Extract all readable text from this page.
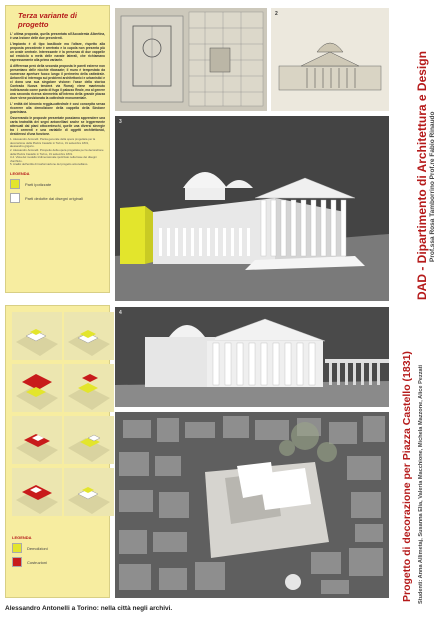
Terza variante di progetto

L' ultima proposta, quella presentata all'Accademia Albertina, è una lezione delle due precedenti.

L'impianto è di tipo basilicale ma l'altare, rispetto alla proposta precedente è arretrato e la cupola non presenta più un ovale centrale. Interessante è la presenza di due cappelle ad emiciclo a metà delle navate laterali, che richiamano espressamente alla prima variante.

A differenza però della seconda proposta le pareti esterne non presentano delle nicchie ribassate; il muro è tempestato da numerose aperture fuoco lungo il perimetro della cattedrale. Antonelli si interroga sui problemi architettonici e urbanistici e ci dona una sua singolare visione: l'asse della storica Contrada Nuova tenderà via Roma) viene mantenuto indirizzando come punto di fuga il palazzo Reale, ma al genere una seconda ricerca simmetria all'interno della grande piazza dove viene posizionata la cattedrale monumentale.

L' entità del binomio reggia-cattedrale è così concepita senza ricorrere alla demolizione della cappella della Sindone guariniana.

Osservando le proposte presentate possiamo apprendere una carta teatralità dei segni antonelliani anche se leggermente attenuati dai piani ottocenteschi, quelle una diversi sinergie tra i cementi e una variabile di oggetti architettonici, desiderosi d'una funzione.

1. Alessandro Antonelli. Pianta generale della opera progettata per la decorazione della Piazza Castello in Torino, 31 settembre 1831, alessandro.grigorio.
2. Alessandro Antonelli. Prospetto della opera progettata per la decorazione della Piazza Castello in Torino, 31 settembre 1831.
3-4. Vista del modello tridimensionale ipotizzato nella base dei disegni d'archivio.
5. Analisi dell'entità di trasformazione del progetto antonelliano.
LEGENDA
Parti ipotizzate
Parti dedotte dai disegni originali
LEGENDA
Demolizioni
Costruzioni
2
3
4
DAD - Dipartimento di Architettura e Design Prof.ssa Rosa Tamborrino Prof.re Fabio Rinaudo
Progetto di decorazione per Piazza Castello (1831) Studenti: Anna Allimetaj, Susanna Elia, Valeria Macchione, Michela Mazzone, Alice Pezzati
Alessandro Antonelli a Torino: nella città negli archivi.
